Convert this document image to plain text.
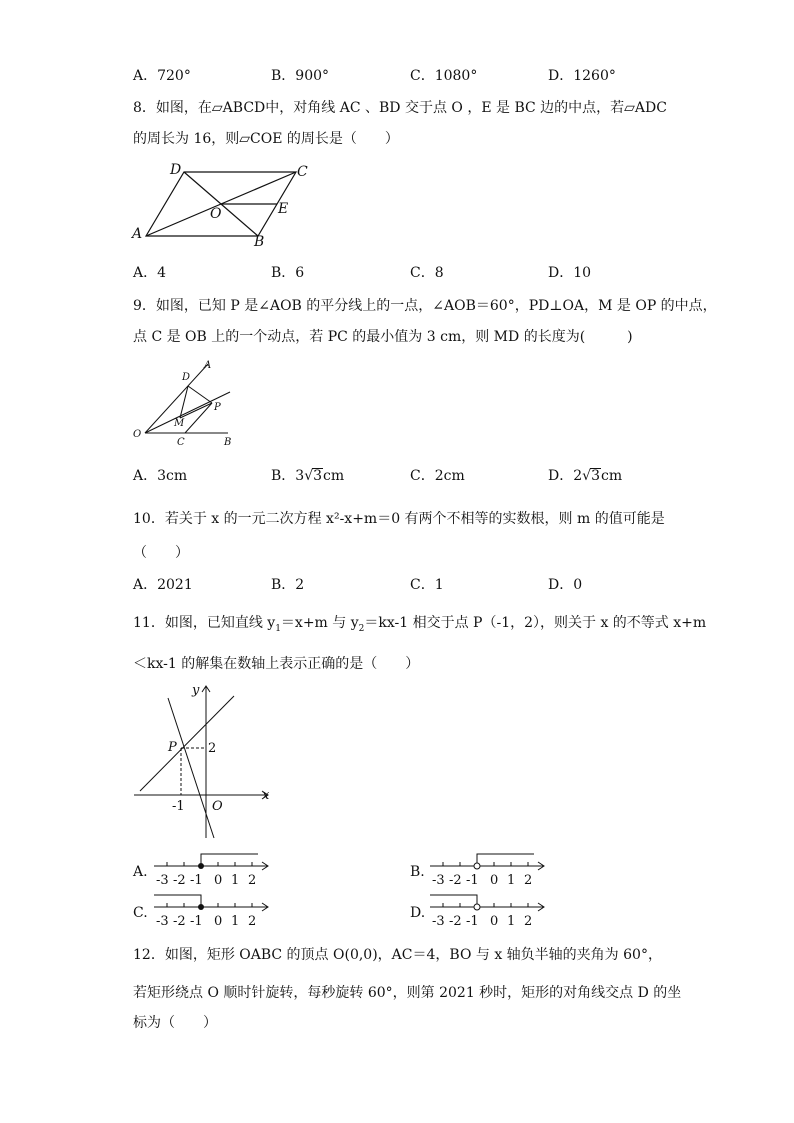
A．720°	B．900°	C．1080°	D．1260°
8．如图，在▱ABCD中，对角线 AC 、BD 交于点 O ，E 是 BC 边的中点，若▱ADC
的周长为 16，则▱COE 的周长是（　　）
D	C
O	E
A	B
A．4	B．6	C．8	D．10
9．如图，已知 P 是∠AOB 的平分线上的一点，∠AOB＝60°，PD⊥OA，M 是 OP 的中点，
点 C 是 OB 上的一个动点，若 PC 的最小值为 3 cm，则 MD 的长度为(　　　)
A
D
P
M
O
C	B
A．3cm	B．3√3cm	C．2cm	D．2√3cm
10．若关于 x 的一元二次方程 x²-x+m＝0 有两个不相等的实数根，则 m 的值可能是
（　　）
A．2021	B．2	C．1	D．0
11．如图，已知直线 $y_1=x+m$ 与 $y_2=kx-1$ 相交于点 P（-1，2），则关于 x 的不等式 x+m
＜kx-1 的解集在数轴上表示正确的是（　　）
y
P 2
-1 O
x
A.
-3 -2 -1 0 1 2
B.
-3 -2 -1 0 1 2
C.
-3 -2 -1 0 1 2
D.
-3 -2 -1 0 1 2
12．如图，矩形 OABC 的顶点 O(0,0)，AC＝4，BO 与 x 轴负半轴的夹角为 60°，
若矩形绕点 O 顺时针旋转，每秒旋转 60°，则第 2021 秒时，矩形的对角线交点 D 的坐
标为（　　）
